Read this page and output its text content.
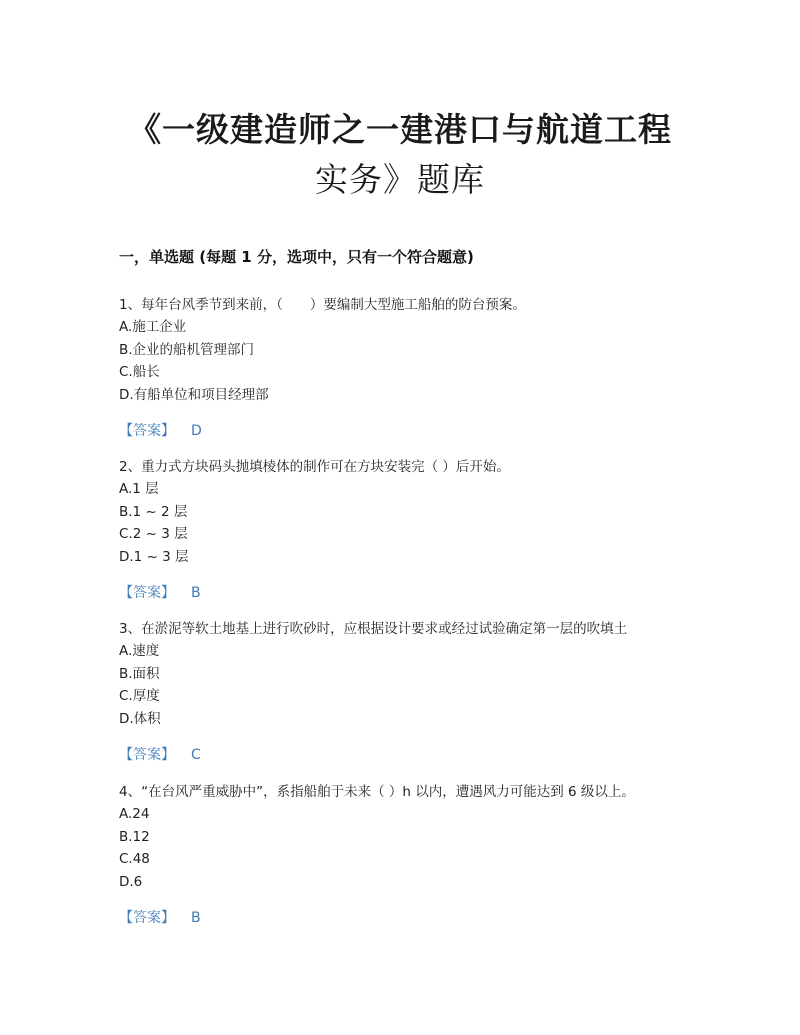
《一级建造师之一建港口与航道工程
实务》题库
一，单选题 (每题 1 分，选项中，只有一个符合题意)
1、每年台风季节到来前，（　　）要编制大型施工船舶的防台预案。
A.施工企业
B.企业的船机管理部门
C.船长
D.有船单位和项目经理部
【答案】 D
2、重力式方块码头抛填棱体的制作可在方块安装完（ ）后开始。
A.1 层
B.1 ~ 2 层
C.2 ~ 3 层
D.1 ~ 3 层
【答案】 B
3、在淤泥等软土地基上进行吹砂时，应根据设计要求或经过试验确定第一层的吹填土
A.速度
B.面积
C.厚度
D.体积
【答案】 C
4、“在台风严重威胁中”，系指船舶于未来（ ）h 以内，遭遇风力可能达到 6 级以上。
A.24
B.12
C.48
D.6
【答案】 B
